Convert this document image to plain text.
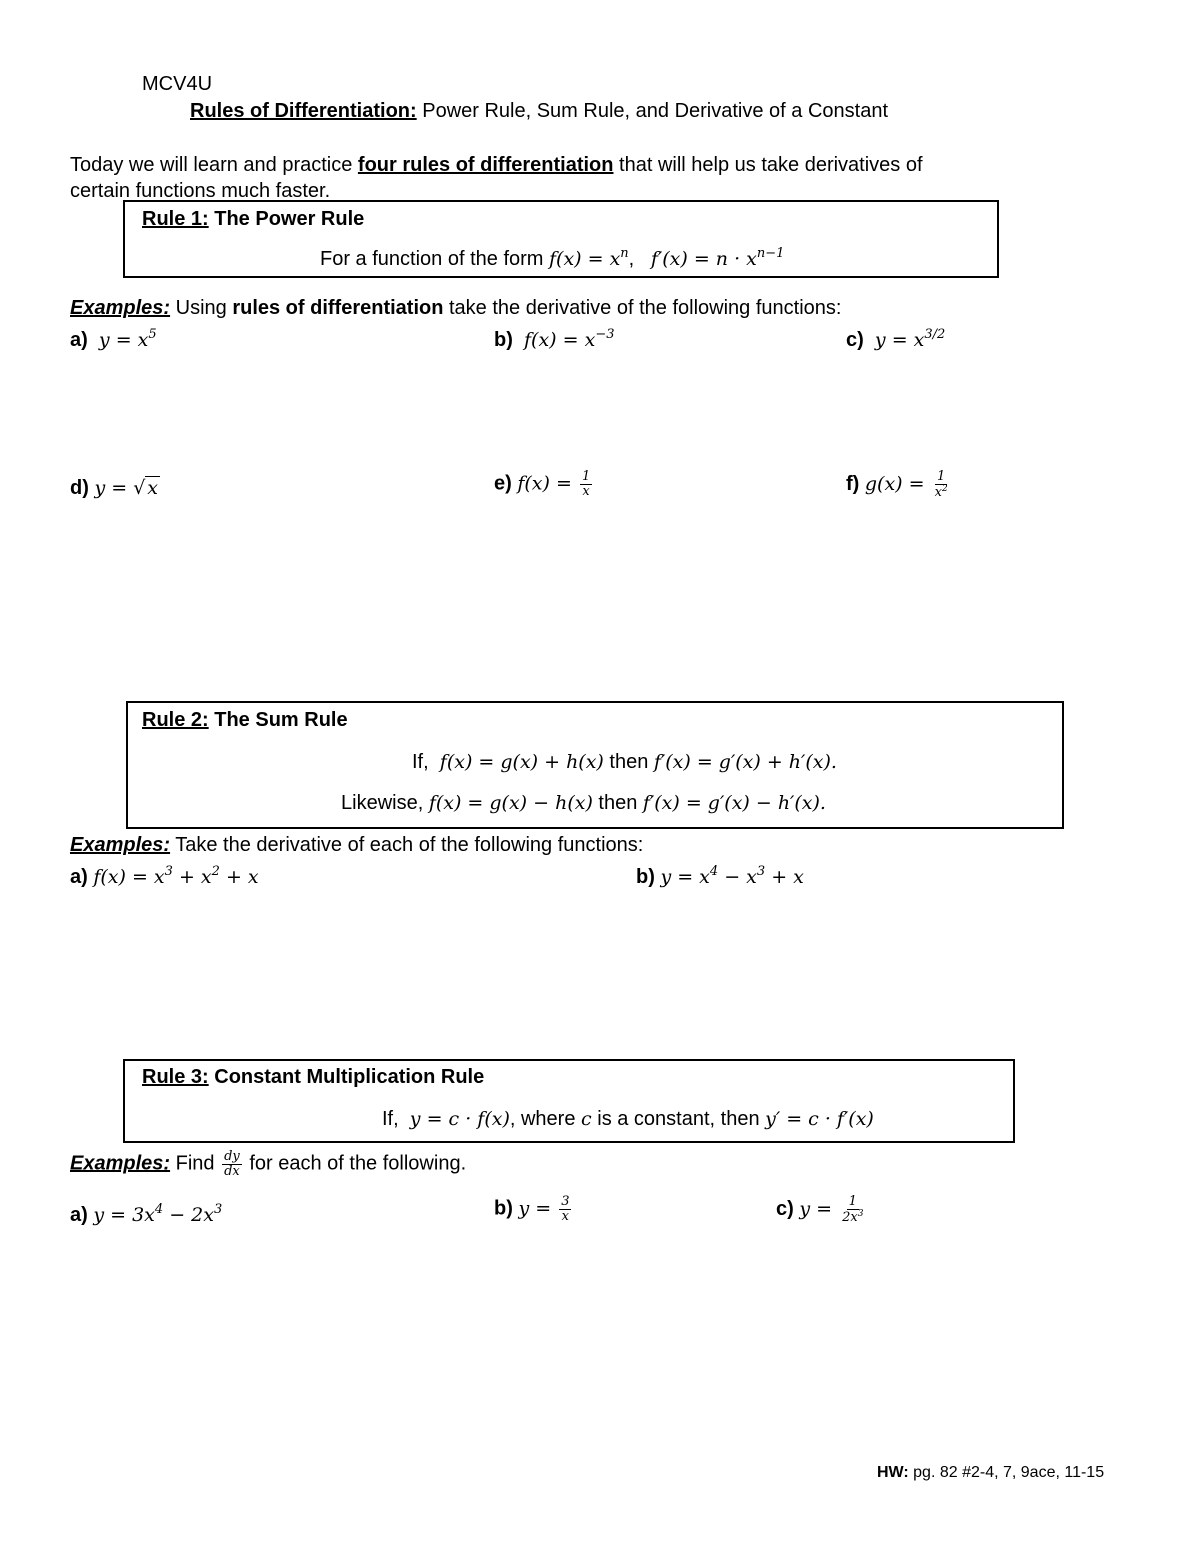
MCV4U
Rules of Differentiation: Power Rule, Sum Rule, and Derivative of a Constant
Today we will learn and practice four rules of differentiation that will help us take derivatives of
certain functions much faster.
Rule 1: The Power Rule
For a function of the form $f(x) = x^n$,   $f'(x) = n \cdot x^{n-1}$
Examples: Using rules of differentiation take the derivative of the following functions:
a) $y = x^5$	b) $f(x) = x^{-3}$	c) $y = x^{3/2}$
d) y = √ x	e) $f(x) = \frac{1}{x}$	f) $g(x) = \frac{1}{x^2}$
Rule 2: The Sum Rule
If,  f(x) = g(x) + h(x) then f′(x) = g′(x) + h′(x).
Likewise, f(x) = g(x) − h(x) then f′(x) = g′(x) − h′(x).
Examples: Take the derivative of each of the following functions:
a) $f(x) = x^3 + x^2 + x$	b) $y = x^4 - x^3 + x$
Rule 3: Constant Multiplication Rule
If,  y = c · f(x), where c is a constant, then y′ = c · f′(x)
Examples: Find $\frac{dy}{dx}$ for each of the following.
a) $y = 3x^4 - 2x^3$	b) $y = \frac{3}{x}$	c) $y = \frac{1}{2x^3}$
HW: pg. 82 #2-4, 7, 9ace, 11-15
